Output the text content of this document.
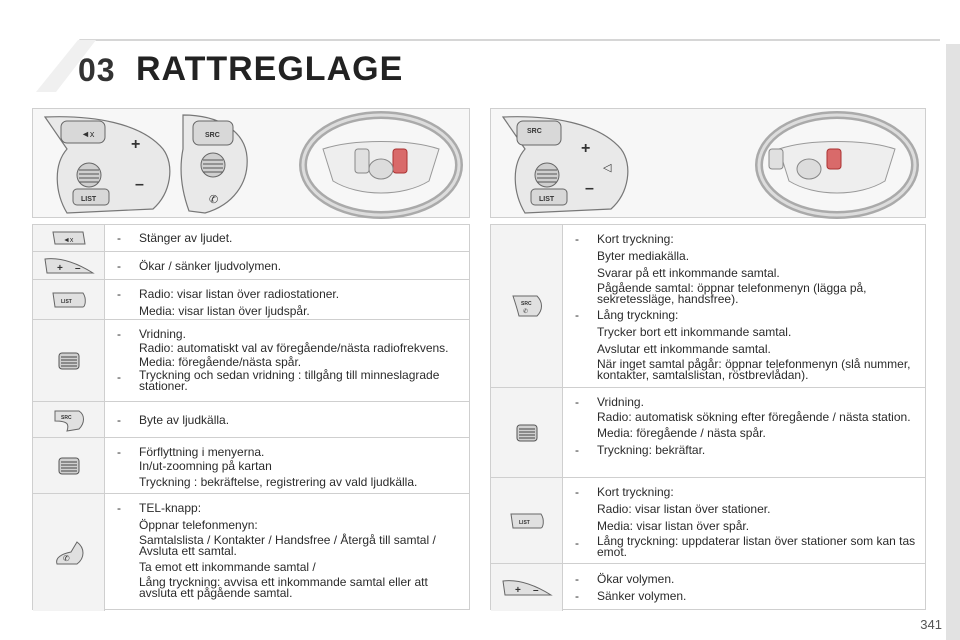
03 RATTREGLAGE
◄x
LIST
+
–
SRC
✆
SRC
LIST
+
–
◁
◄x	-	Stänger av ljudet.
+ –	-	Ökar / sänker ljudvolymen.
LIST
-	Radio: visar listan över radiostationer.
Media: visar listan över ljudspår.
-	Vridning.
Radio: automatiskt val av föregående/nästa radiofrekvens.
Media: föregående/nästa spår.
-	Tryckning och sedan vridning : tillgång till minneslagrade stationer.
SRC	-	Byte av ljudkälla.
-	Förflyttning i menyerna.
In/ut-zoomning på kartan
Tryckning : bekräftelse, registrering av vald ljudkälla.
✆
-	TEL-knapp:
Öppnar telefonmenyn:
Samtalslista / Kontakter / Handsfree / Återgå till samtal / Avsluta ett samtal.
Ta emot ett inkommande samtal /
Lång tryckning: avvisa ett inkommande samtal eller att avsluta ett pågående samtal.
SRC
✆
-	Kort tryckning:
Byter mediakälla.
Svarar på ett inkommande samtal.
Pågående samtal: öppnar telefonmenyn (lägga på, sekretessläge, handsfree).
-	Lång tryckning:
Trycker bort ett inkommande samtal.
Avslutar ett inkommande samtal.
När inget samtal pågår: öppnar telefonmenyn (slå nummer, kontakter, samtalslistan, röstbrevlådan).
-	Vridning.
Radio: automatisk sökning efter föregående / nästa station.
Media: föregående / nästa spår.
-	Tryckning: bekräftar.
LIST
-	Kort tryckning:
Radio: visar listan över stationer.
Media: visar listan över spår.
-	Lång tryckning: uppdaterar listan över stationer som kan tas emot.
+ –
-	Ökar volymen.
-	Sänker volymen.
341
